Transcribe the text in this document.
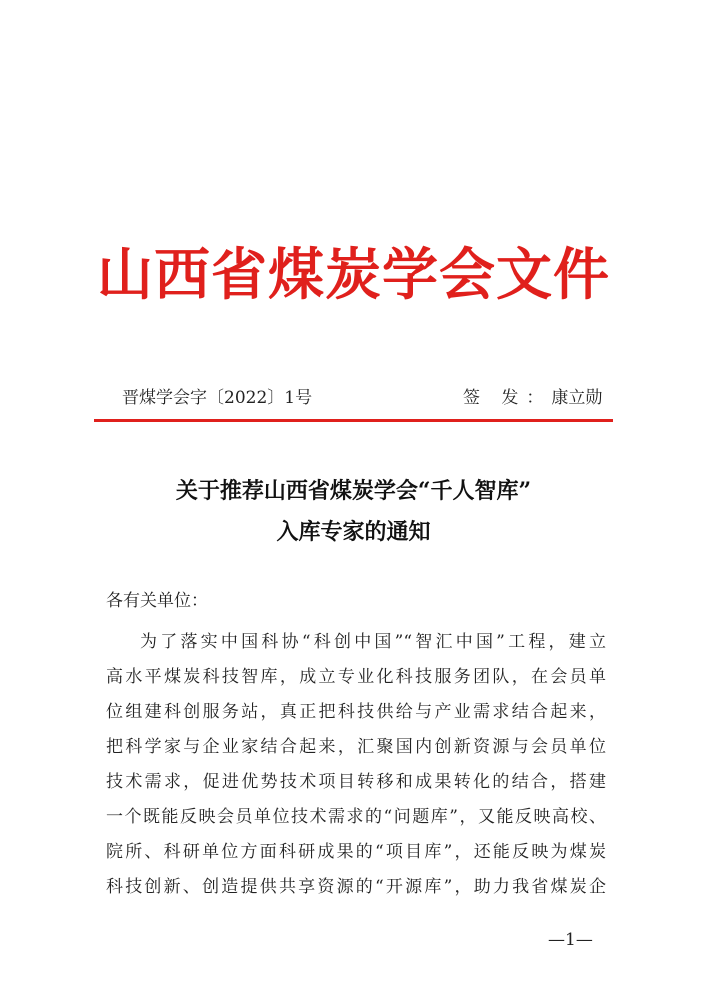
山西省煤炭学会文件
晋煤学会字〔2022〕1号	签 发：康立勋
关于推荐山西省煤炭学会“千人智库”
入库专家的通知
各有关单位：
为了落实中国科协“科创中国”“智汇中国”工程，建立
高水平煤炭科技智库，成立专业化科技服务团队，在会员单
位组建科创服务站，真正把科技供给与产业需求结合起来，
把科学家与企业家结合起来，汇聚国内创新资源与会员单位
技术需求，促进优势技术项目转移和成果转化的结合，搭建
一个既能反映会员单位技术需求的“问题库”，又能反映高校、
院所、科研单位方面科研成果的“项目库”，还能反映为煤炭
科技创新、创造提供共享资源的“开源库”，助力我省煤炭企
—1—
